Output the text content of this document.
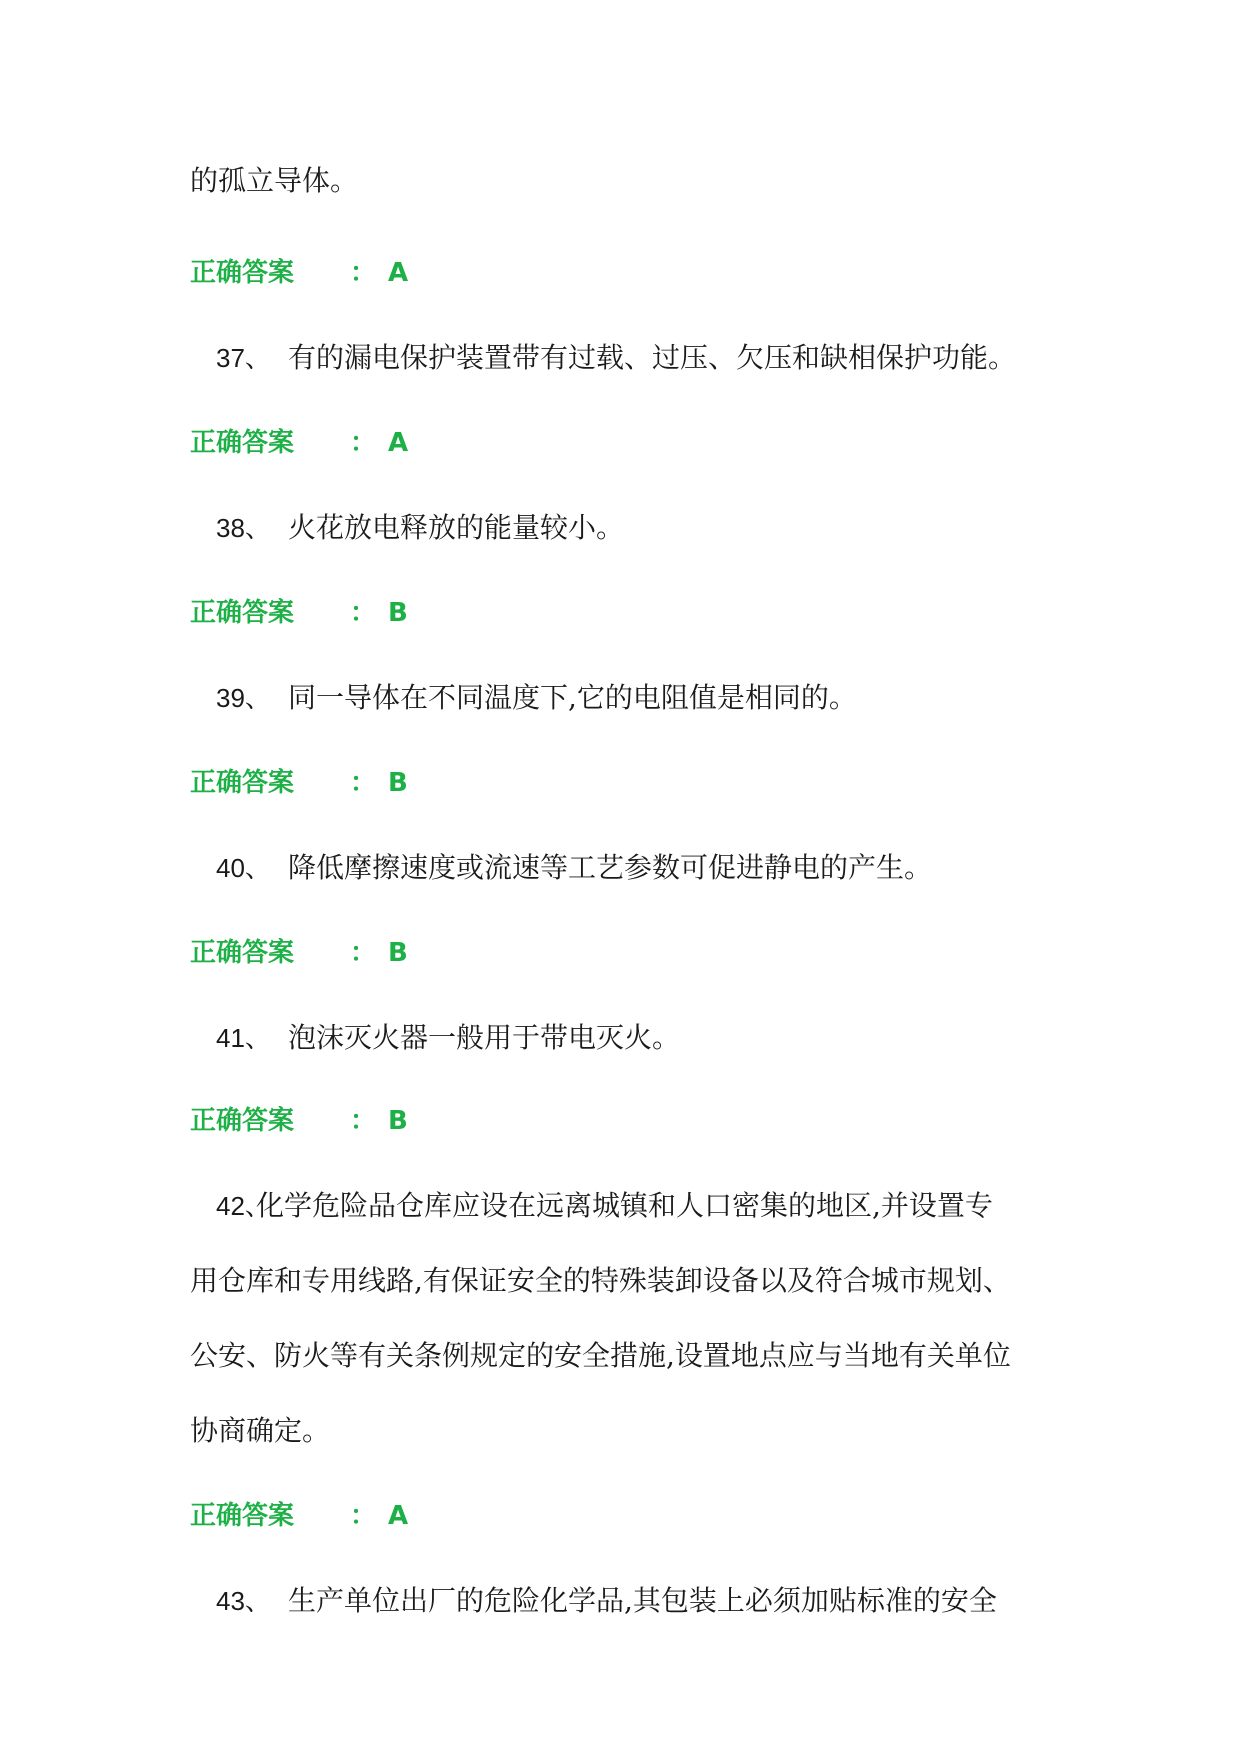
的孤立导体。
正确答案 ： A
37、 有的漏电保护装置带有过载、过压、欠压和缺相保护功能。
正确答案 ： A
38、 火花放电释放的能量较小。
正确答案 ： B
39、 同一导体在不同温度下,它的电阻值是相同的。
正确答案 ： B
40、 降低摩擦速度或流速等工艺参数可促进静电的产生。
正确答案 ： B
41、 泡沫灭火器一般用于带电灭火。
正确答案 ： B
42、化学危险品仓库应设在远离城镇和人口密集的地区,并设置专
用仓库和专用线路,有保证安全的特殊装卸设备以及符合城市规划、
公安、防火等有关条例规定的安全措施,设置地点应与当地有关单位
协商确定。
正确答案 ： A
43、 生产单位出厂的危险化学品,其包装上必须加贴标准的安全
